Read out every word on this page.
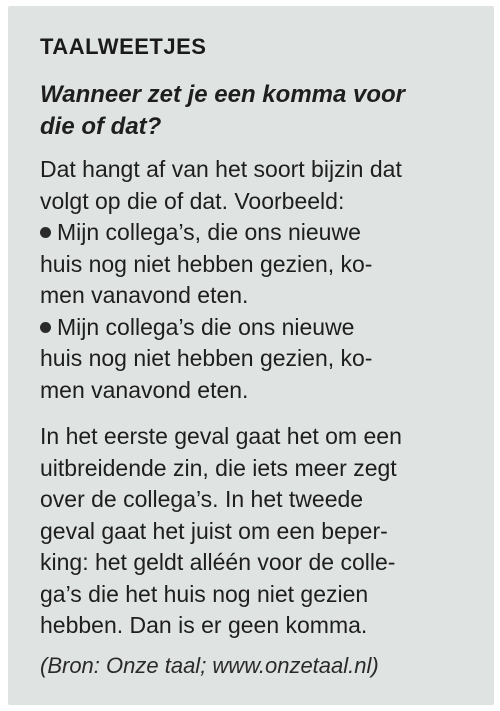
TAALWEETJES
Wanneer zet je een komma voor
die of dat?
Dat hangt af van het soort bijzin dat
volgt op die of dat. Voorbeeld:
Mijn collega’s, die ons nieuwe
huis nog niet hebben gezien, ko-
men vanavond eten.
Mijn collega’s die ons nieuwe
huis nog niet hebben gezien, ko-
men vanavond eten.
In het eerste geval gaat het om een
uitbreidende zin, die iets meer zegt
over de collega’s. In het tweede
geval gaat het juist om een beper-
king: het geldt alléén voor de colle-
ga’s die het huis nog niet gezien
hebben. Dan is er geen komma.

(Bron: Onze taal; www.onzetaal.nl)
